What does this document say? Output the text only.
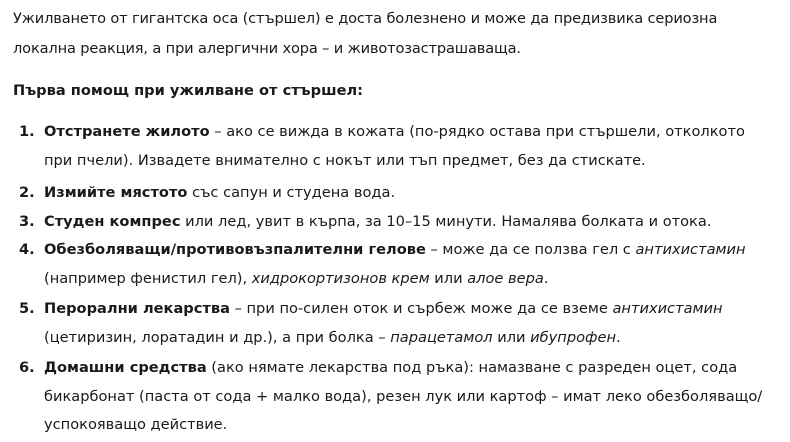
Ужилването от гигантска оса (стършел) е доста болезнено и може да предизвика сериозна локална реакция, а при алергични хора – и животозастрашаваща.

Първа помощ при ужилване от стършел:

1. Отстранете жилото – ако се вижда в кожата (по-рядко остава при стършели, отколкото при пчели). Извадете внимателно с нокът или тъп предмет, без да стискате.
2. Измийте мястото със сапун и студена вода.
3. Студен компрес или лед, увит в кърпа, за 10–15 минути. Намалява болката и отока.
4. Обезболяващи/противовъзпалителни гелове – може да се ползва гел с антихистамин (например фенистил гел), хидрокортизонов крем или алое вера.
5. Перорални лекарства – при по-силен оток и сърбеж може да се вземе антихистамин (цетиризин, лоратадин и др.), а при болка – парацетамол или ибупрофен.
6. Домашни средства (ако нямате лекарства под ръка): намазване с разреден оцет, сода бикарбонат (паста от сода + малко вода), резен лук или картоф – имат леко обезболяващо/успокояващо действие.
